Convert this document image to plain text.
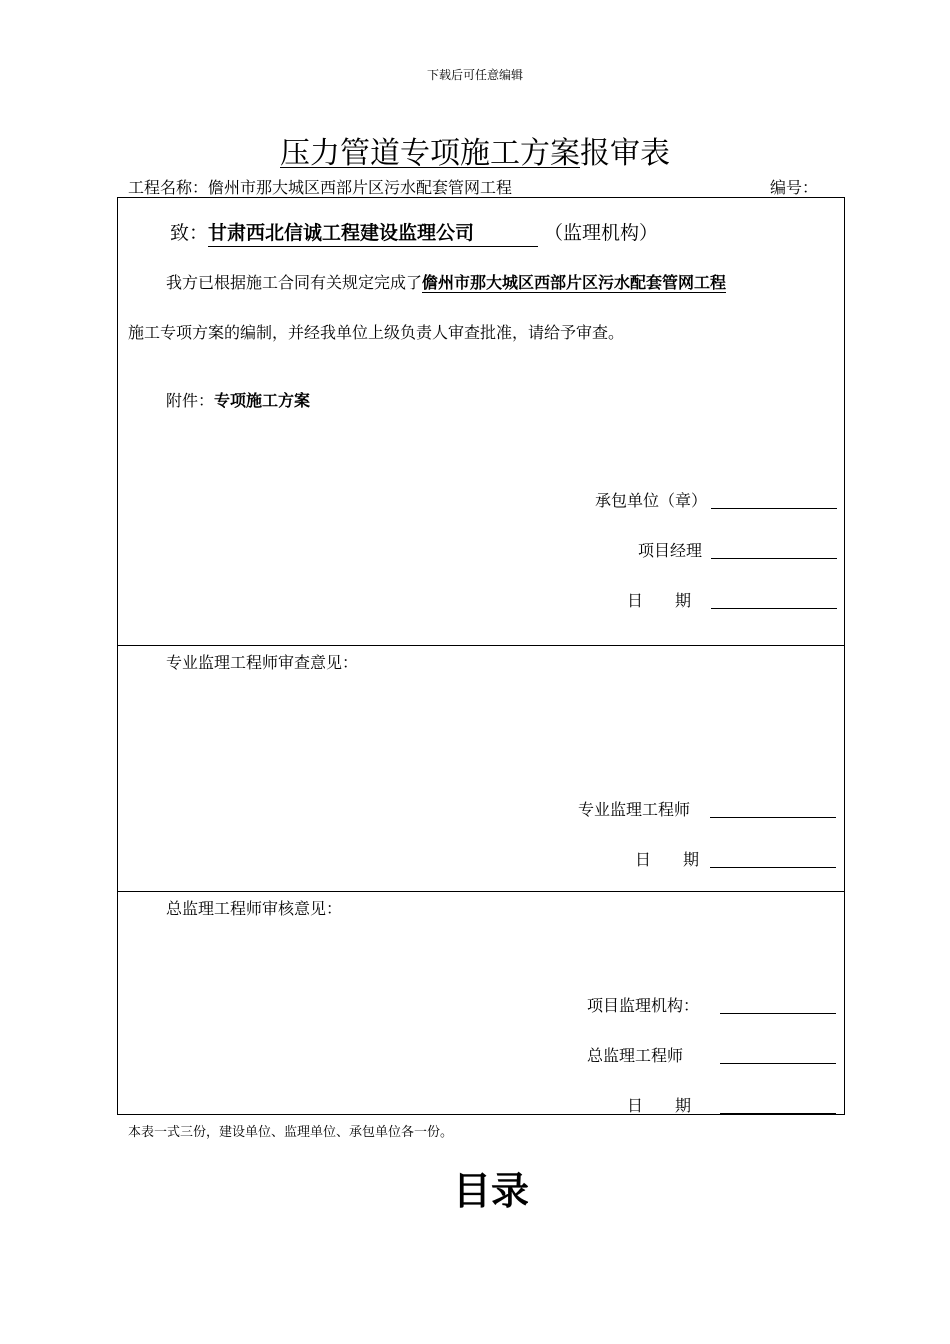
下载后可任意编辑
压力管道专项施工方案报审表
工程名称：儋州市那大城区西部片区污水配套管网工程	编号：
致：甘肃西北信诚工程建设监理公司	（监理机构）
我方已根据施工合同有关规定完成了儋州市那大城区西部片区污水配套管网工程
施工专项方案的编制，并经我单位上级负责人审查批准，请给予审查。
附件：专项施工方案
承包单位（章）
项目经理
日　　期
专业监理工程师审查意见：
专业监理工程师
日　　期
总监理工程师审核意见：
项目监理机构：
总监理工程师
日　　期
本表一式三份，建设单位、监理单位、承包单位各一份。
目录
